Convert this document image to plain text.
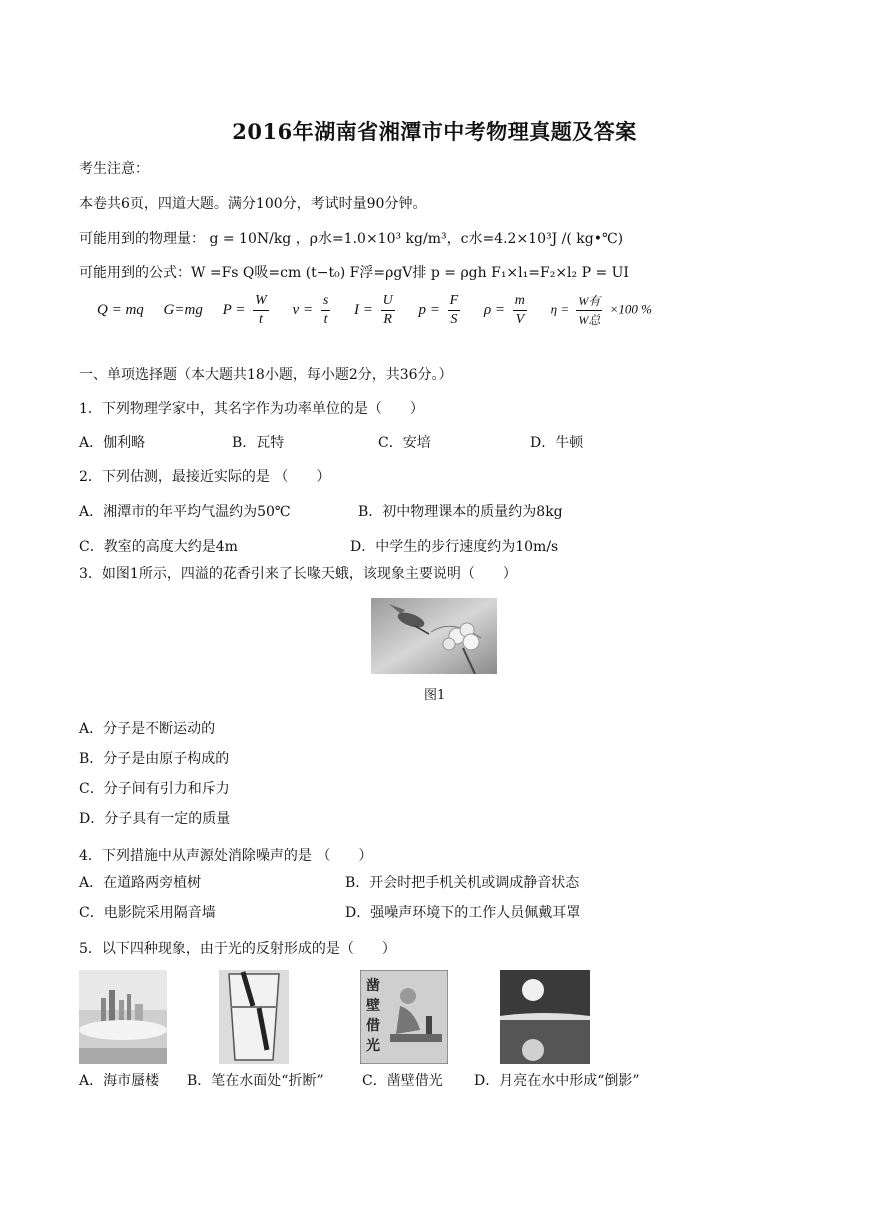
2016年湖南省湘潭市中考物理真题及答案
考生注意：
本卷共6页，四道大题。满分100分，考试时量90分钟。
可能用到的物理量： g = 10N/kg ，ρ水=1.0×10³ kg/m³，c水=4.2×10³J /( kg•℃)
可能用到的公式：W =Fs Q吸=cm (t−t₀) F浮=ρgV排 p = ρgh F₁×l₁=F₂×l₂ P = UI
Q = mq G=mg $P = \frac{W}{t}$ $v = \frac{s}{t}$ $I = \frac{U}{R}$ $p = \frac{F}{S}$ $\rho = \frac{m}{V}$ $\eta = \frac{\text{W有}}{\text{W总}} \times 100$ %
一、单项选择题（本大题共18小题，每小题2分，共36分。）
1．下列物理学家中，其名字作为功率单位的是（　　）
A．伽利略	B．瓦特	C．安培	D．牛顿
2．下列估测，最接近实际的是 （　　）
A．湘潭市的年平均气温约为50℃	B．初中物理课本的质量约为8kg
C．教室的高度大约是4m	D．中学生的步行速度约为10m/s
3．如图1所示，四溢的花香引来了长喙天蛾，该现象主要说明（　　）
图1
A．分子是不断运动的
B．分子是由原子构成的
C．分子间有引力和斥力
D．分子具有一定的质量
4．下列措施中从声源处消除噪声的是 （　　）
A．在道路两旁植树	B．开会时把手机关机或调成静音状态
C．电影院采用隔音墙	D．强噪声环境下的工作人员佩戴耳罩
5．以下四种现象，由于光的反射形成的是（　　）
凿
壁
借
光
A．海市蜃楼 B．笔在水面处“折断”	C．凿壁借光 D．月亮在水中形成“倒影”
